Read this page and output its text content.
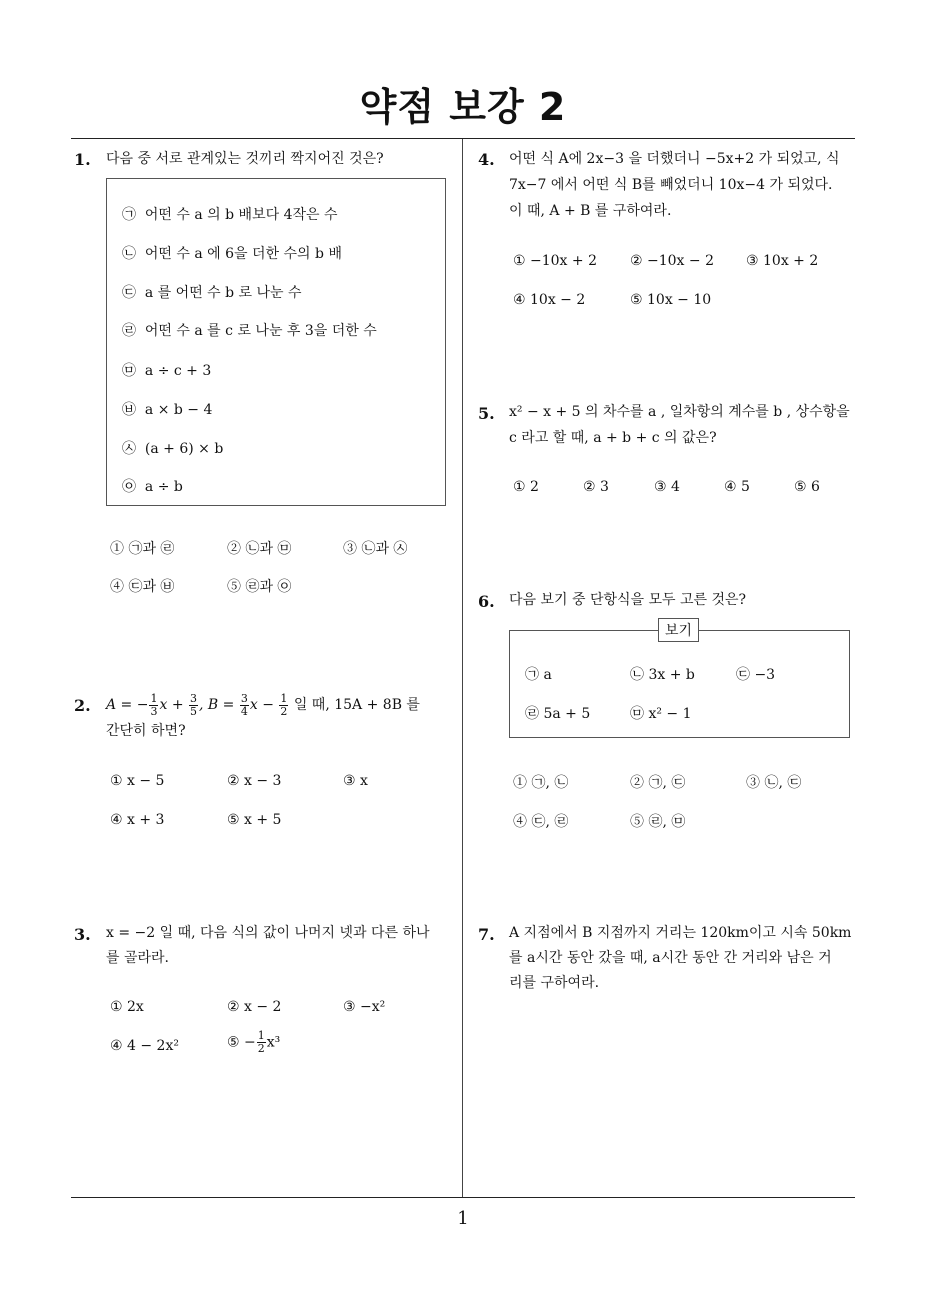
약점 보강 2
1. 다음 중 서로 관계있는 것끼리 짝지어진 것은?
㉠ 어떤 수 a 의 b 배보다 4작은 수
㉡ 어떤 수 a 에 6을 더한 수의 b 배
㉢ a 를 어떤 수 b 로 나눈 수
㉣ 어떤 수 a 를 c 로 나눈 후 3을 더한 수
㉤ a ÷ c + 3
㉥ a × b − 4
㉦ (a + 6) × b
㉧ a ÷ b
① ㉠과 ㉣	② ㉡과 ㉤	③ ㉡과 ㉦
④ ㉢과 ㉥	⑤ ㉣과 ㉧
2. A = − $\frac{1}{3}$ $x + \frac{3}{5}$ , $B = \frac{3}{4}$ $x - \frac{1}{2}$ 일 때, 15A + 8B 를
간단히 하면?
① x − 5	② x − 3	③ x
④ x + 3	⑤ x + 5
3. x = −2 일 때, 다음 식의 값이 나머지 넷과 다른 하나
를 골라라.
① 2x	② x − 2	③ −x²
④ 4 − 2x²	⑤ − $\frac{1}{2} x^3$
4. 어떤 식 A에 2x−3 을 더했더니 −5x+2 가 되었고, 식
7x−7 에서 어떤 식 B를 빼었더니 10x−4 가 되었다.
이 때, A + B 를 구하여라.
① −10x + 2 ② −10x − 2 ③ 10x + 2
④ 10x − 2	⑤ 10x − 10
5. x² − x + 5 의 차수를 a , 일차항의 계수를 b , 상수항을
c 라고 할 때, a + b + c 의 값은?
① 2	② 3	③ 4	④ 5	⑤ 6
6. 다음 보기 중 단항식을 모두 고른 것은?
보기
㉠ a	㉡ 3x + b	㉢ −3
㉣ 5a + 5	㉤ x² − 1
① ㉠, ㉡	② ㉠, ㉢	③ ㉡, ㉢
④ ㉢, ㉣	⑤ ㉣, ㉤
7. A 지점에서 B 지점까지 거리는 120km이고 시속 50km
를 a시간 동안 갔을 때, a시간 동안 간 거리와 남은 거
리를 구하여라.
1
